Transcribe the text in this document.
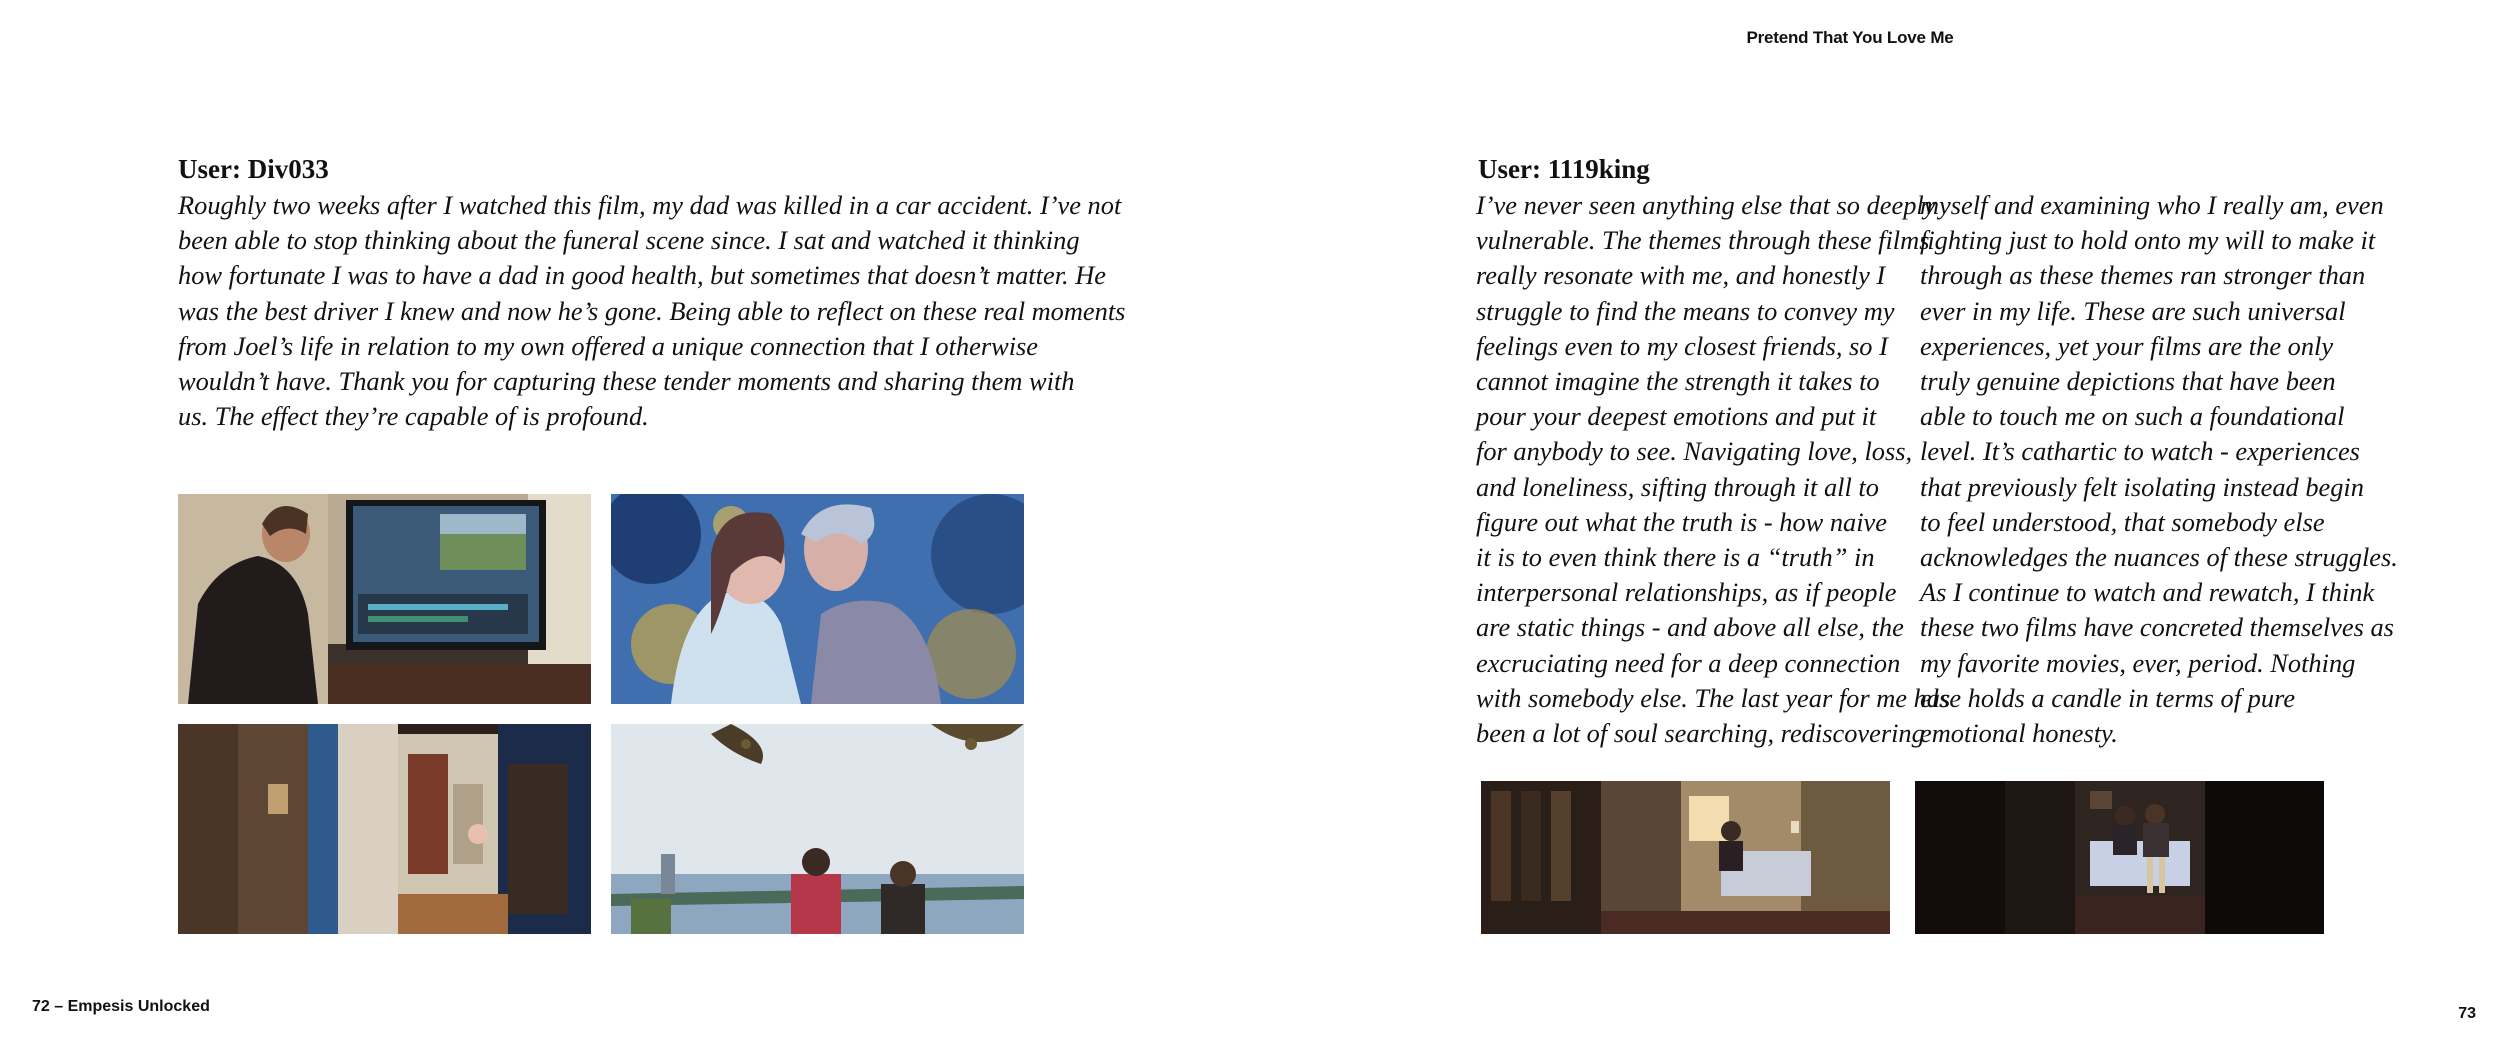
Pretend That You Love Me
User: Div033
Roughly two weeks after I watched this film, my dad was killed in a car accident. I’ve not
been able to stop thinking about the funeral scene since. I sat and watched it thinking
how fortunate I was to have a dad in good health, but sometimes that doesn’t matter. He
was the best driver I knew and now he’s gone. Being able to reflect on these real moments
from Joel’s life in relation to my own offered a unique connection that I otherwise
wouldn’t have. Thank you for capturing these tender moments and sharing them with
us. The effect they’re capable of is profound.
72 – Empesis Unlocked
User: 1119king
I’ve never seen anything else that so deeply
vulnerable. The themes through these films
really resonate with me, and honestly I
struggle to find the means to convey my
feelings even to my closest friends, so I
cannot imagine the strength it takes to
pour your deepest emotions and put it
for anybody to see. Navigating love, loss,
and loneliness, sifting through it all to
figure out what the truth is - how naive
it is to even think there is a “truth” in
interpersonal relationships, as if people
are static things - and above all else, the
excruciating need for a deep connection
with somebody else. The last year for me has
been a lot of soul searching, rediscovering
myself and examining who I really am, even
fighting just to hold onto my will to make it
through as these themes ran stronger than
ever in my life. These are such universal
experiences, yet your films are the only
truly genuine depictions that have been
able to touch me on such a foundational
level. It’s cathartic to watch - experiences
that previously felt isolating instead begin
to feel understood, that somebody else
acknowledges the nuances of these struggles.
As I continue to watch and rewatch, I think
these two films have concreted themselves as
my favorite movies, ever, period. Nothing
else holds a candle in terms of pure
emotional honesty.
73
